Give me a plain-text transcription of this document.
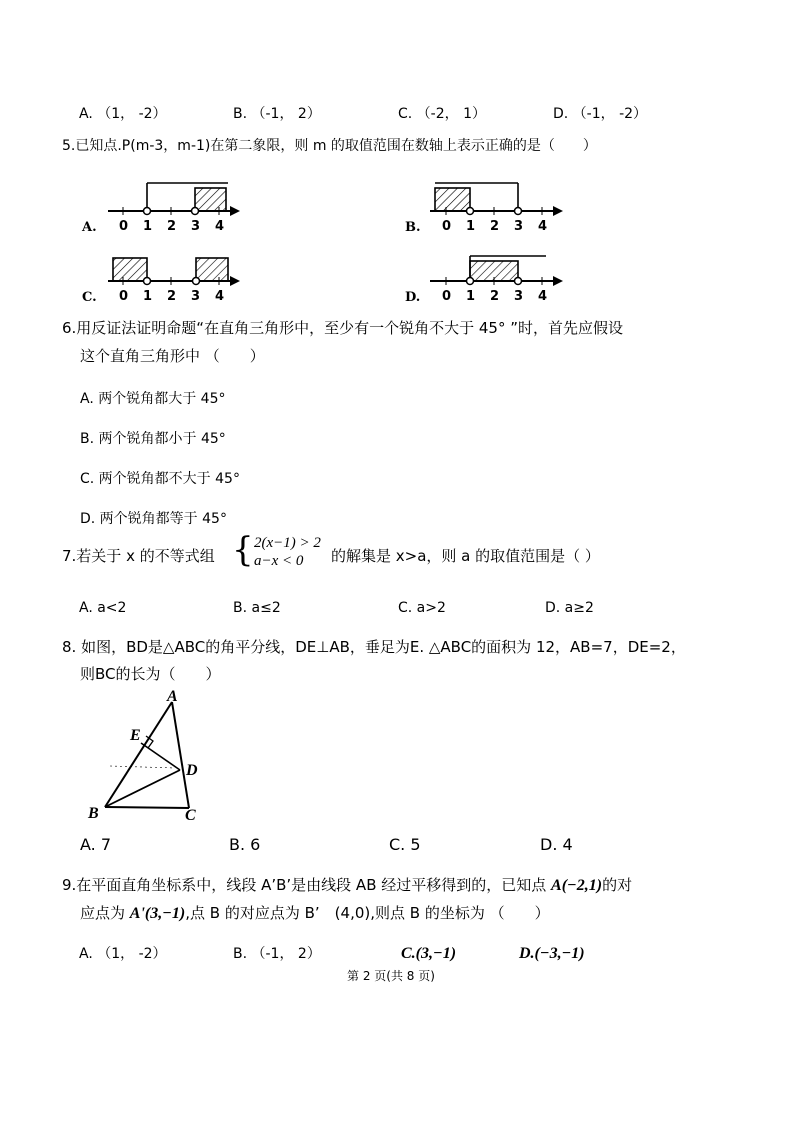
A. （1， -2）	B. （-1， 2）	C. （-2， 1）	D. （-1， -2）
5.已知点.P(m-3，m-1)在第二象限，则 m 的取值范围在数轴上表示正确的是（　　）
A. 0 1 2 3 4	B. 0 1 2 3 4
C. 0 1 2 3 4	D. 0 1 2 3 4
6.用反证法证明命题“在直角三角形中，至少有一个锐角不大于 45° ”时，首先应假设
这个直角三角形中 （　　）
A. 两个锐角都大于 45°
B. 两个锐角都小于 45°
C. 两个锐角都不大于 45°
D. 两个锐角都等于 45°
7.若关于 x 的不等式组 { 2(x−1) > 2
a−x < 0 的解集是 x>a，则 a 的取值范围是（ ）
A. a<2	B. a≤2	C. a>2	D. a≥2
8. 如图，BD是△ABC的角平分线，DE⊥AB，垂足为E. △ABC的面积为 12，AB=7，DE=2，
则BC的长为（　　）
A
E
D
B	C
A. 7	B. 6	C. 5	D. 4
9.在平面直角坐标系中，线段 A’B’是由线段 AB 经过平移得到的，已知点 A(−2,1)的对
应点为 A'(3,−1),点 B 的对应点为 B’　(4,0),则点 B 的坐标为 （　　）
A. （1， -2）	B. （-1， 2）	C.(3,−1)	D.(−3,−1)
第 2 页(共 8 页)
